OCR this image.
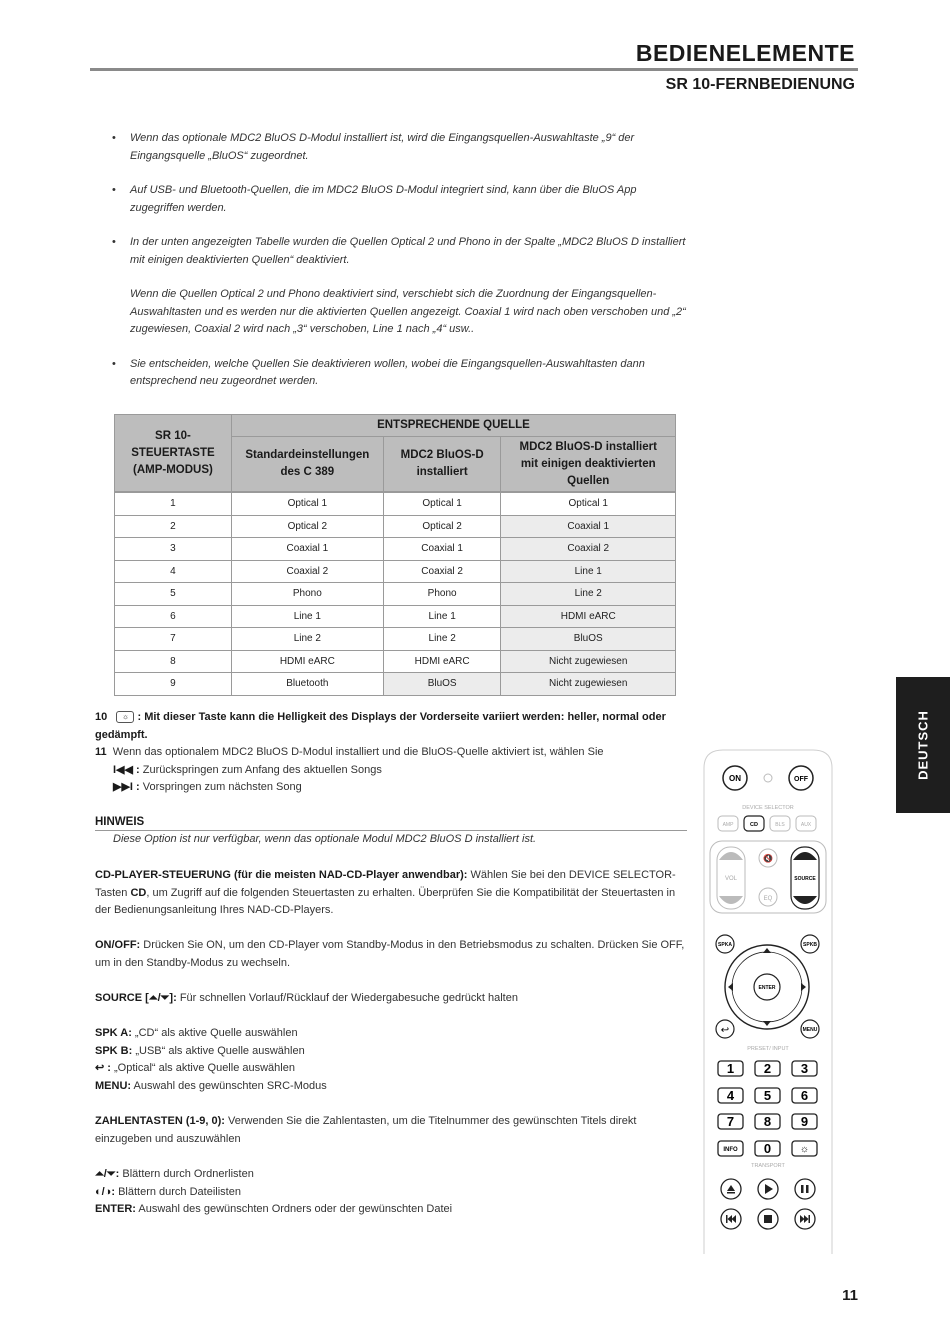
BEDIENELEMENTE
SR 10-FERNBEDIENUNG
• Wenn das optionale MDC2 BluOS D-Modul installiert ist, wird die Eingangsquellen-Auswahltaste „9“ der Eingangsquelle „BluOS“ zugeordnet.

• Auf USB- und Bluetooth-Quellen, die im MDC2 BluOS D-Modul integriert sind, kann über die BluOS App zugegriffen werden.

• In der unten angezeigten Tabelle wurden die Quellen Optical 2 und Phono in der Spalte „MDC2 BluOS D installiert mit einigen deaktivierten Quellen“ deaktiviert.

Wenn die Quellen Optical 2 und Phono deaktiviert sind, verschiebt sich die Zuordnung der Eingangsquellen-Auswahltasten und es werden nur die aktivierten Quellen angezeigt. Coaxial 1 wird nach oben verschoben und „2“ zugewiesen, Coaxial 2 wird nach „3“ verschoben, Line 1 nach „4“ usw..

• Sie entscheiden, welche Quellen Sie deaktivieren wollen, wobei die Eingangsquellen-Auswahltasten dann entsprechend neu zugeordnet werden.

SR 10-STEUERTASTE (AMP-MODUS)	ENTSPRECHENDE QUELLE		
	Standardeinstellungen des C 389	MDC2 BluOS-D installiert	MDC2 BluOS-D installiert mit einigen deaktivierten Quellen
1	Optical 1	Optical 1	Optical 1
2	Optical 2	Optical 2	Coaxial 1
3	Coaxial 1	Coaxial 1	Coaxial 2
4	Coaxial 2	Coaxial 2	Line 1
5	Phono	Phono	Line 2
6	Line 1	Line 1	HDMI eARC
7	Line 2	Line 2	BluOS
8	HDMI eARC	HDMI eARC	Nicht zugewiesen
9	Bluetooth	BluOS	Nicht zugewiesen
10 ☼ : Mit dieser Taste kann die Helligkeit des Displays der Vorderseite variiert werden: heller, normal oder gedämpft.
11 Wenn das optionalem MDC2 BluOS D-Modul installiert und die BluOS-Quelle aktiviert ist, wählen Sie
I◀◀ : Zurückspringen zum Anfang des aktuellen Songs
▶▶I : Vorspringen zum nächsten Song
HINWEIS
Diese Option ist nur verfügbar, wenn das optionale Modul MDC2 BluOS D installiert ist.
CD-PLAYER-STEUERUNG (für die meisten NAD-CD-Player anwendbar): Wählen Sie bei den DEVICE SELECTOR-Tasten CD, um Zugriff auf die folgenden Steuertasten zu erhalten. Überprüfen Sie die Kompatibilität der Steuertasten in der Bedienungsanleitung Ihres NAD-CD-Players.
ON/OFF: Drücken Sie ON, um den CD-Player vom Standby-Modus in den Betriebsmodus zu schalten. Drücken Sie OFF, um in den Standby-Modus zu wechseln.
SOURCE [⏶/⏷]: Für schnellen Vorlauf/Rücklauf der Wiedergabesuche gedrückt halten
SPK A: „CD“ als aktive Quelle auswählen
SPK B: „USB“ als aktive Quelle auswählen
↩ : „Optical“ als aktive Quelle auswählen
MENU: Auswahl des gewünschten SRC-Modus
ZAHLENTASTEN (1-9, 0): Verwenden Sie die Zahlentasten, um die Titelnummer des gewünschten Titels direkt einzugeben und auszuwählen
⏶/⏷: Blättern durch Ordnerlisten
◐/◑: Blättern durch Dateilisten
ENTER: Auswahl des gewünschten Ordners oder der gewünschten Datei
DEUTSCH
11
ON	OFF
DEVICE SELECTOR
AMP	CD	BLS	AUX
VOL
🔇
EQ
SOURCE
SPKA	SPKB
ENTER
↩	MENU
PRESET/ INPUT
1 2 3
4 5 6
7 8 9
INFO 0	☼
TRANSPORT
